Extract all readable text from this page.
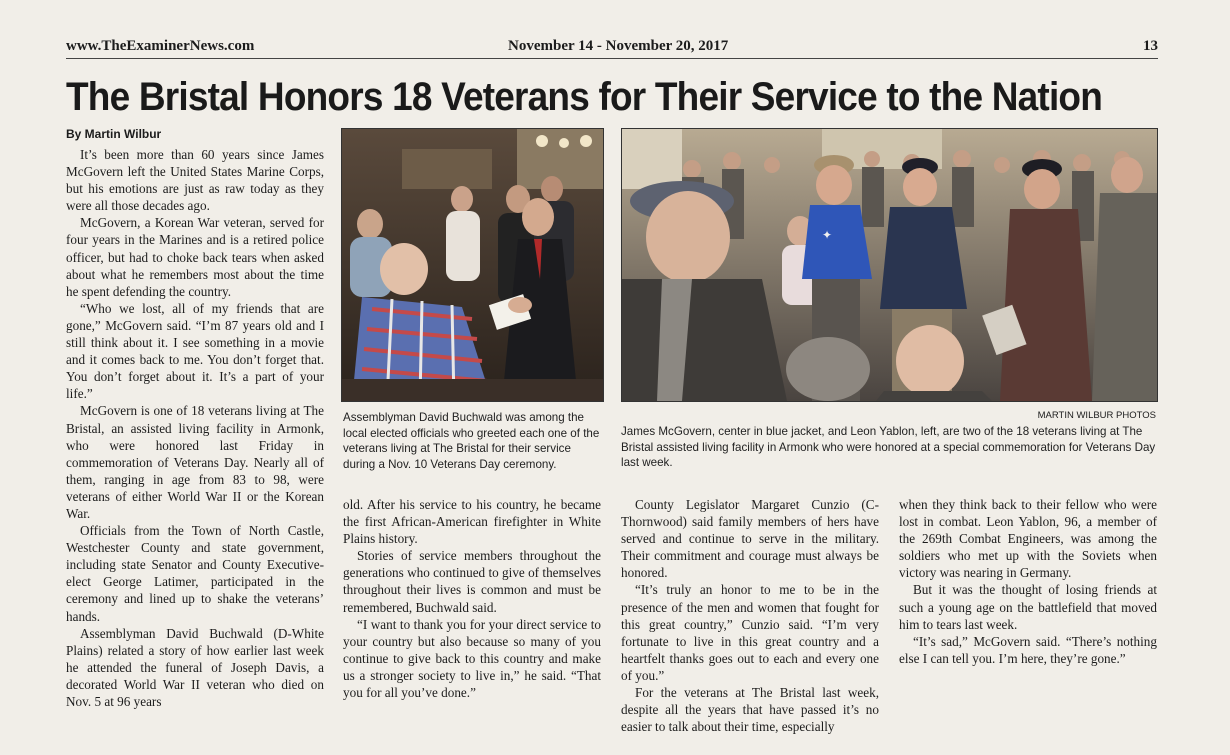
www.TheExaminerNews.com	November 14 - November 20, 2017	13
The Bristal Honors 18 Veterans for Their Service to the Nation
By Martin Wilbur

It’s been more than 60 years since James McGovern left the United States Marine Corps, but his emotions are just as raw today as they were all those decades ago.

McGovern, a Korean War veteran, served for four years in the Marines and is a retired police officer, but had to choke back tears when asked about what he remembers most about the time he spent defending the country.

“Who we lost, all of my friends that are gone,” McGovern said. “I’m 87 years old and I still think about it. I see something in a movie and it comes back to me. You don’t forget that. You don’t forget about it. It’s a part of your life.”

McGovern is one of 18 veterans living at The Bristal, an assisted living facility in Armonk, who were honored last Friday in commemoration of Veterans Day. Nearly all of them, ranging in age from 83 to 98, were veterans of either World War II or the Korean War.

Officials from the Town of North Castle, Westchester County and state government, including state Senator and County Executive-elect George Latimer, participated in the ceremony and lined up to shake the veterans’ hands.

Assemblyman David Buchwald (D-White Plains) related a story of how earlier last week he attended the funeral of Joseph Davis, a decorated World War II veteran who died on Nov. 5 at 96 years

✦
Assemblyman David Buchwald was among the local elected officials who greeted each one of the veterans living at The Bristal for their service during a Nov. 10 Veterans Day ceremony.
MARTIN WILBUR PHOTOS
James McGovern, center in blue jacket, and Leon Yablon, left, are two of the 18 veterans living at The Bristal assisted living facility in Armonk who were honored at a special commemoration for Veterans Day last week.

old. After his service to his country, he became the first African-American firefighter in White Plains history.

Stories of service members throughout the generations who continued to give of themselves throughout their lives is common and must be remembered, Buchwald said.

“I want to thank you for your direct service to your country but also because so many of you continue to give back to this country and make us a stronger society to live in,” he said. “That you for all you’ve done.”

County Legislator Margaret Cunzio (C-Thornwood) said family members of hers have served and continue to serve in the military. Their commitment and courage must always be honored.

“It’s truly an honor to me to be in the presence of the men and women that fought for this great country,” Cunzio said. “I’m very fortunate to live in this great country and a heartfelt thanks goes out to each and every one of you.”

For the veterans at The Bristal last week, despite all the years that have passed it’s no easier to talk about their time, especially

when they think back to their fellow who were lost in combat. Leon Yablon, 96, a member of the 269th Combat Engineers, was among the soldiers who met up with the Soviets when victory was nearing in Germany.

But it was the thought of losing friends at such a young age on the battlefield that moved him to tears last week.

“It’s sad,” McGovern said. “There’s nothing else I can tell you. I’m here, they’re gone.”
